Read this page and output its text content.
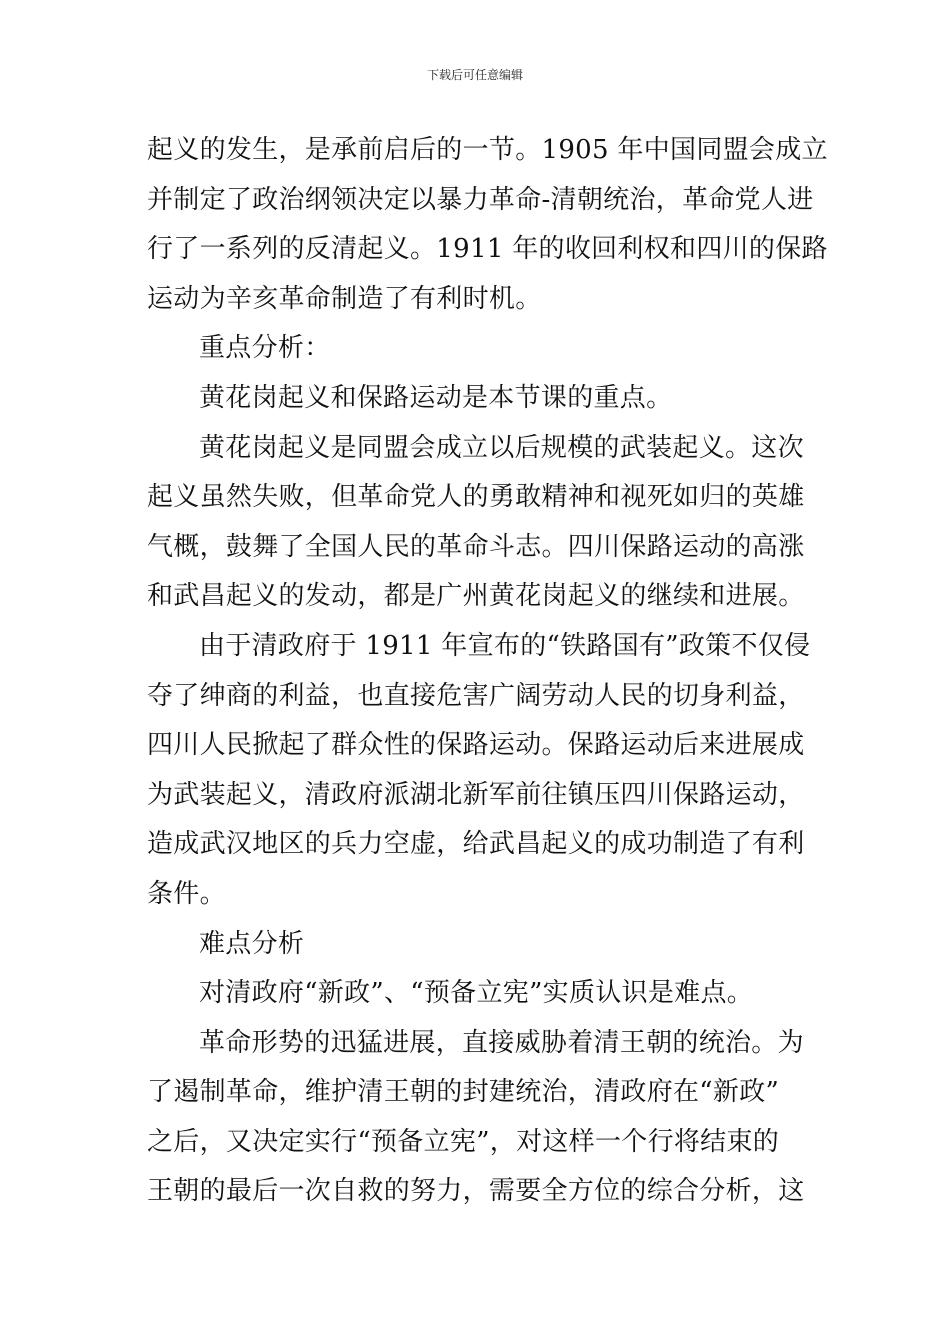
下载后可任意编辑
起义的发生，是承前启后的一节。1905 年中国同盟会成立
并制定了政治纲领决定以暴力革命-清朝统治，革命党人进
行了一系列的反清起义。1911 年的收回利权和四川的保路
运动为辛亥革命制造了有利时机。
重点分析：
黄花岗起义和保路运动是本节课的重点。
黄花岗起义是同盟会成立以后规模的武装起义。这次
起义虽然失败，但革命党人的勇敢精神和视死如归的英雄
气概，鼓舞了全国人民的革命斗志。四川保路运动的高涨
和武昌起义的发动，都是广州黄花岗起义的继续和进展。
由于清政府于 1911 年宣布的“铁路国有”政策不仅侵
夺了绅商的利益，也直接危害广阔劳动人民的切身利益，
四川人民掀起了群众性的保路运动。保路运动后来进展成
为武装起义，清政府派湖北新军前往镇压四川保路运动，
造成武汉地区的兵力空虚，给武昌起义的成功制造了有利
条件。
难点分析
对清政府“新政”、“预备立宪”实质认识是难点。
革命形势的迅猛进展，直接威胁着清王朝的统治。为
了遏制革命，维护清王朝的封建统治，清政府在“新政”
之后，又决定实行“预备立宪”，对这样一个行将结束的
王朝的最后一次自救的努力，需要全方位的综合分析，这
